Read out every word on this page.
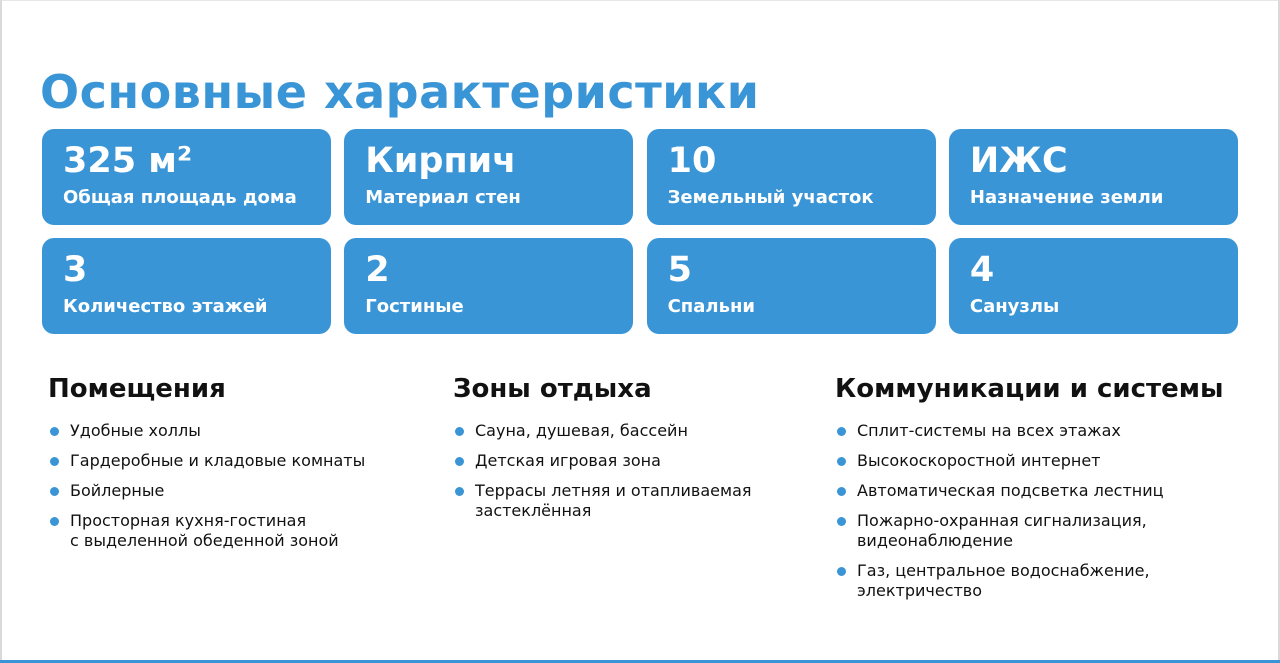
Основные характеристики
325 м²
Общая площадь дома
Кирпич
Материал стен
10
Земельный участок
ИЖС
Назначение земли
3
Количество этажей
2
Гостиные
5
Спальни
4
Санузлы
Помещения
Удобные холлы
Гардеробные и кладовые комнаты
Бойлерные
Просторная кухня-гостиная
с выделенной обеденной зоной
Зоны отдыха
Сауна, душевая, бассейн
Детская игровая зона
Террасы летняя и отапливаемая
застеклённая
Коммуникации и системы
Сплит-системы на всех этажах
Высокоскоростной интернет
Автоматическая подсветка лестниц
Пожарно-охранная сигнализация,
видеонаблюдение
Газ, центральное водоснабжение,
электричество
